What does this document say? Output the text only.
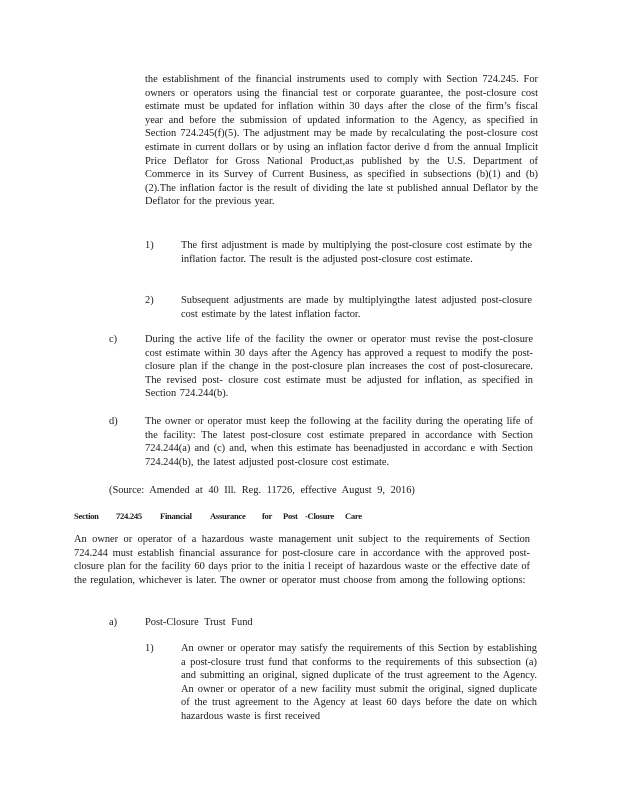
the establishment of the financial instruments used to comply with Section 724.245. For owners or operators using the financial test or corporate guarantee, the post-closure cost estimate must be updated for inflation within 30 days after the close of the firm’s fiscal year and before the submission of updated information to the Agency, as specified in Section 724.245(f)(5). The adjustment may be made by recalculating the post-closure cost estimate in current dollars or by using an inflation factor derive d from the annual Implicit Price Deflator for Gross National Product,as published by the U.S. Department of Commerce in its Survey of Current Business, as specified in subsections (b)(1) and (b)(2).The inflation factor is the result of dividing the late st published annual Deflator by the Deflator for the previous year.
1)	The first adjustment is made by multiplying the post-closure cost estimate by the inflation factor. The result is the adjusted post-closure cost estimate.
2)	Subsequent adjustments are made by multiplyingthe latest adjusted post-closure cost estimate by the latest inflation factor.
c)	During the active life of the facility the owner or operator must revise the post-closure cost estimate within 30 days after the Agency has approved a request to modify the post-closure plan if the change in the post-closure plan increases the cost of post-closurecare. The revised post- closure cost estimate must be adjusted for inflation, as specified in Section 724.244(b).
d)	The owner or operator must keep the following at the facility during the operating life of the facility: The latest post-closure cost estimate prepared in accordance with Section 724.244(a) and (c) and, when this estimate has beenadjusted in accordanc e with Section 724.244(b), the latest adjusted post-closure cost estimate.
(Source: Amended at 40 Ill. Reg. 11726, effective August 9, 2016)
Section 724.245 Financial Assurance for Post -Closure Care
An owner or operator of a hazardous waste management unit subject to the requirements of Section 724.244 must establish financial assurance for post-closure care in accordance with the approved post-closure plan for the facility 60 days prior to the initia l receipt of hazardous waste or the effective date of the regulation, whichever is later. The owner or operator must choose from among the following options:
a)	Post-Closure Trust Fund
1)	An owner or operator may satisfy the requirements of this Section by establishing a post-closure trust fund that conforms to the requirements of this subsection (a) and submitting an original, signed duplicate of the trust agreement to the Agency. An owner or operator of a new facility must submit the original, signed duplicate of the trust agreement to the Agency at least 60 days before the date on which hazardous waste is first received
